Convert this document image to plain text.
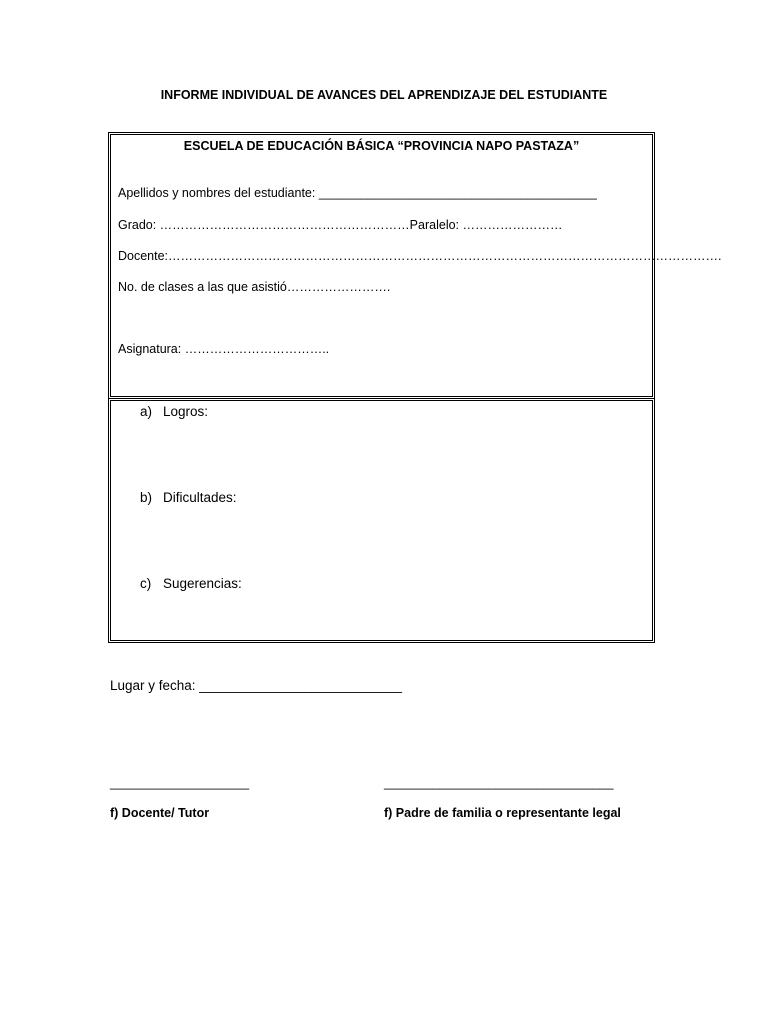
INFORME INDIVIDUAL DE AVANCES DEL APRENDIZAJE DEL ESTUDIANTE
ESCUELA DE EDUCACIÓN BÁSICA “PROVINCIA NAPO PASTAZA”
Apellidos y nombres del estudiante: ________________________________________
Grado: ……………………………………………………Paralelo: ……………………
Docente:…………………………………………………………………………………………………………………….
No. de clases a las que asistió…………………….
Asignatura: ……………………………..
a) Logros:
b) Dificultades:
c) Sugerencias:
Lugar y fecha: ___________________________
____________________	_________________________________
f) Docente/ Tutor	f) Padre de familia o representante legal
